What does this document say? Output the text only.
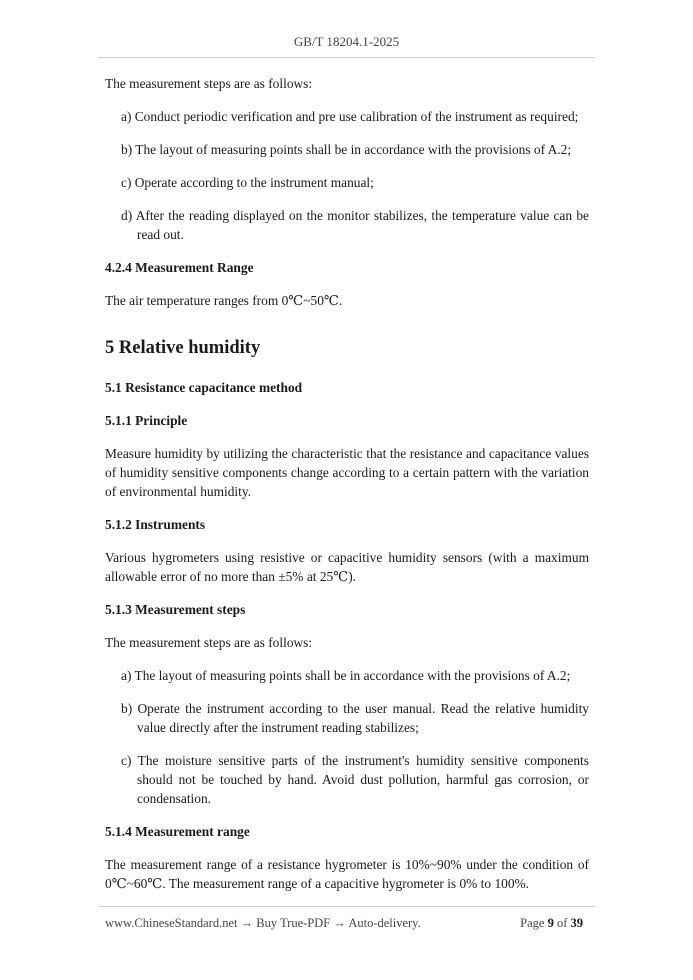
GB/T 18204.1-2025

The measurement steps are as follows:

a) Conduct periodic verification and pre use calibration of the instrument as required;

b) The layout of measuring points shall be in accordance with the provisions of A.2;

c) Operate according to the instrument manual;

d) After the reading displayed on the monitor stabilizes, the temperature value can be read out.

4.2.4 Measurement Range

The air temperature ranges from 0℃~50℃.

5 Relative humidity

5.1 Resistance capacitance method

5.1.1 Principle

Measure humidity by utilizing the characteristic that the resistance and capacitance values of humidity sensitive components change according to a certain pattern with the variation of environmental humidity.

5.1.2 Instruments

Various hygrometers using resistive or capacitive humidity sensors (with a maximum allowable error of no more than ±5% at 25℃).

5.1.3 Measurement steps

The measurement steps are as follows:

a) The layout of measuring points shall be in accordance with the provisions of A.2;

b) Operate the instrument according to the user manual. Read the relative humidity value directly after the instrument reading stabilizes;

c) The moisture sensitive parts of the instrument's humidity sensitive components should not be touched by hand. Avoid dust pollution, harmful gas corrosion, or condensation.

5.1.4 Measurement range

The measurement range of a resistance hygrometer is 10%~90% under the condition of 0℃~60℃. The measurement range of a capacitive hygrometer is 0% to 100%.

www.ChineseStandard.net → Buy True-PDF → Auto-delivery.	Page 9 of 39
